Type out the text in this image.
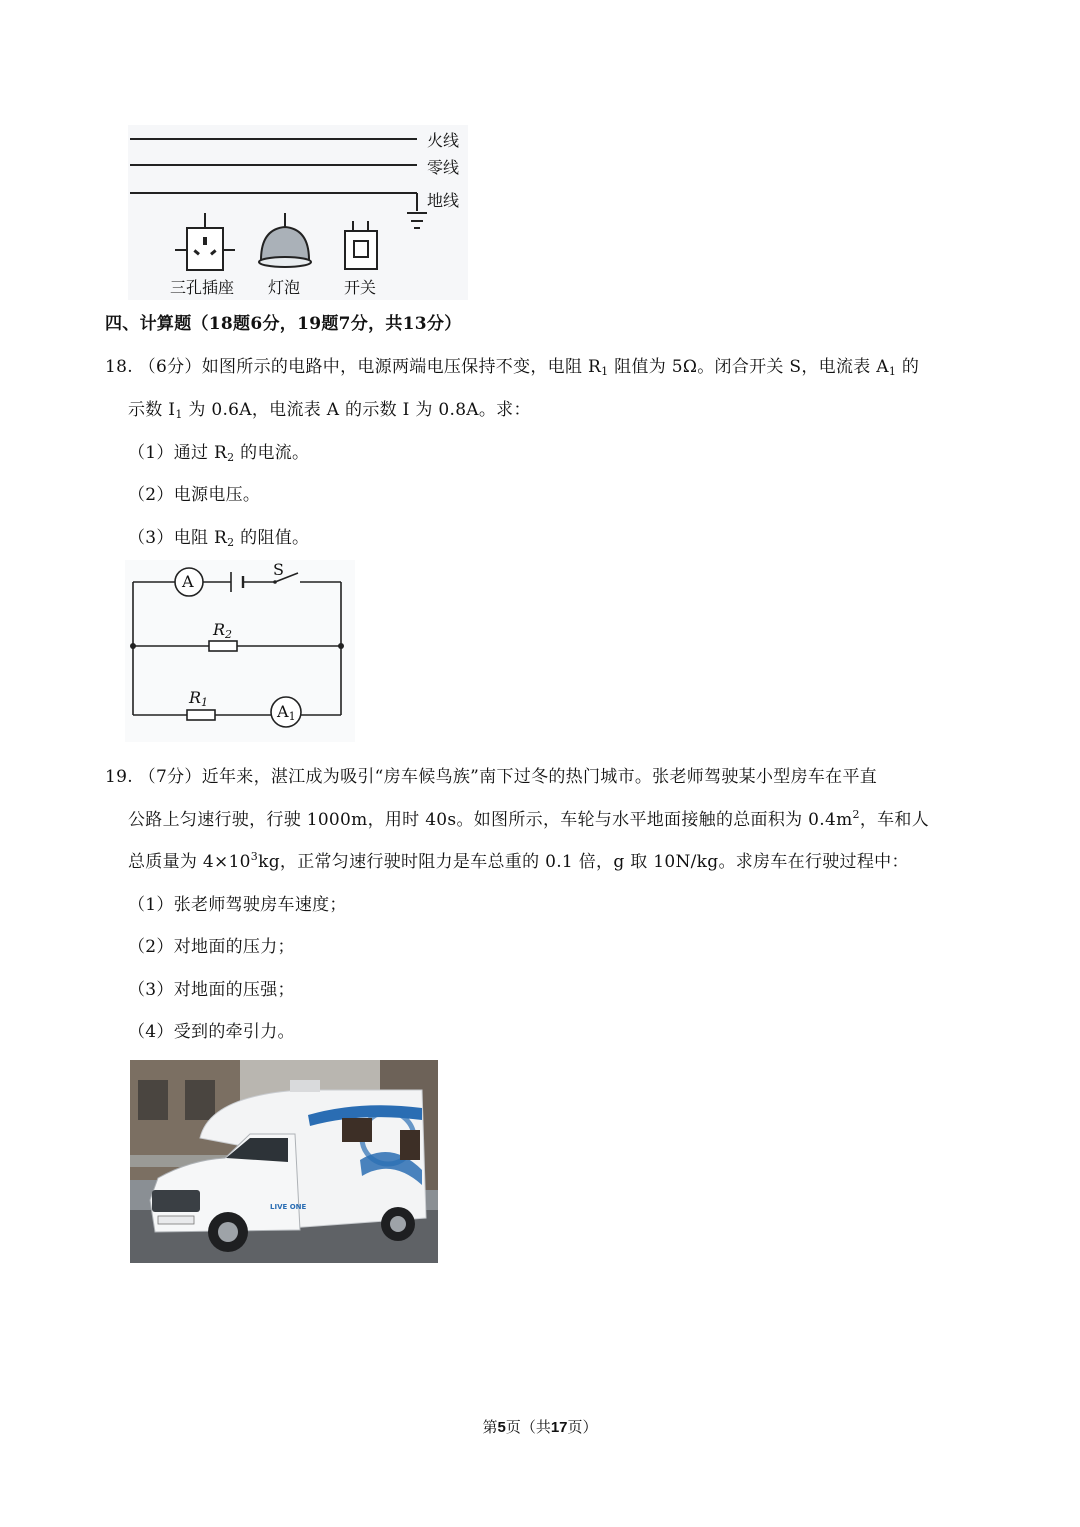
火线
零线
地线
三孔插座 灯泡	开关
四、计算题（18题6分，19题7分，共13分）
18. （6分）如图所示的电路中，电源两端电压保持不变，电阻 $R_1$ 阻值为 5Ω。闭合开关 S，电流表 $A_1$ 的
示数 $I_1$ 为 0.6A，电流表 A 的示数 I 为 0.8A。求：
（1）通过 $R_2$ 的电流。
（2）电源电压。
（3）电阻 $R_2$ 的阻值。
A
S
$R_2$
$R_1$	$A_1$
19. （7分）近年来，湛江成为吸引“房车候鸟族”南下过冬的热门城市。张老师驾驶某小型房车在平直
公路上匀速行驶，行驶 1000m，用时 40s。如图所示，车轮与水平地面接触的总面积为 $0.4m^2$，车和人
总质量为 $4\times 10^3kg$，正常匀速行驶时阻力是车总重的 0.1 倍，g 取 10N/kg。求房车在行驶过程中：
（1）张老师驾驶房车速度；
（2）对地面的压力；
（3）对地面的压强；
（4）受到的牵引力。
LIVE ONE
第5页（共17页）
